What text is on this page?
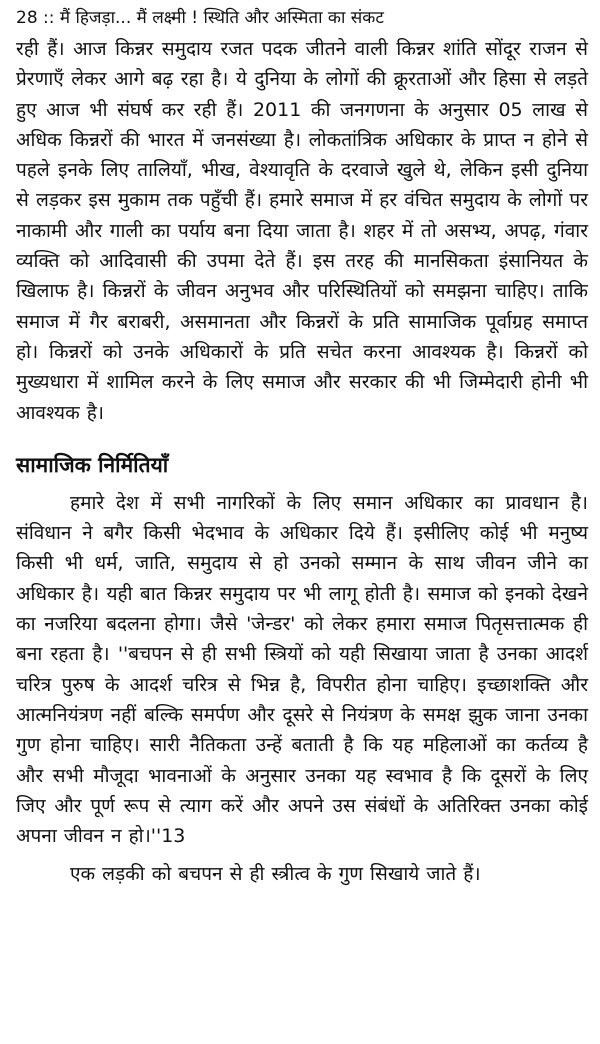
28 :: मैं हिजड़ा... मैं लक्ष्मी ! स्थिति और अस्मिता का संकट

रही हैं। आज किन्नर समुदाय रजत पदक जीतने वाली किन्नर शांति सोंदूर राजन से प्रेरणाएँ लेकर आगे बढ़ रहा है। ये दुनिया के लोगों की क्रूरताओं और हिसा से लड़ते हुए आज भी संघर्ष कर रही हैं। 2011 की जनगणना के अनुसार 05 लाख से अधिक किन्नरों की भारत में जनसंख्या है। लोकतांत्रिक अधिकार के प्राप्त न होने से पहले इनके लिए तालियाँ, भीख, वेश्यावृति के दरवाजे खुले थे, लेकिन इसी दुनिया से लड़कर इस मुकाम तक पहुँची हैं। हमारे समाज में हर वंचित समुदाय के लोगों पर नाकामी और गाली का पर्याय बना दिया जाता है। शहर में तो असभ्य, अपढ़, गंवार व्यक्ति को आदिवासी की उपमा देते हैं। इस तरह की मानसिकता इंसानियत के खिलाफ है। किन्नरों के जीवन अनुभव और परिस्थितियों को समझना चाहिए। ताकि समाज में गैर बराबरी, असमानता और किन्नरों के प्रति सामाजिक पूर्वाग्रह समाप्त हो। किन्नरों को उनके अधिकारों के प्रति सचेत करना आवश्यक है। किन्नरों को मुख्यधारा में शामिल करने के लिए समाज और सरकार की भी जिम्मेदारी होनी भी आवश्यक है।

सामाजिक निर्मितियाँ

हमारे देश में सभी नागरिकों के लिए समान अधिकार का प्रावधान है। संविधान ने बगैर किसी भेदभाव के अधिकार दिये हैं। इसीलिए कोई भी मनुष्य किसी भी धर्म, जाति, समुदाय से हो उनको सम्मान के साथ जीवन जीने का अधिकार है। यही बात किन्नर समुदाय पर भी लागू होती है। समाज को इनको देखने का नजरिया बदलना होगा। जैसे 'जेन्डर' को लेकर हमारा समाज पितृसत्तात्मक ही बना रहता है। ''बचपन से ही सभी स्त्रियों को यही सिखाया जाता है उनका आदर्श चरित्र पुरुष के आदर्श चरित्र से भिन्न है, विपरीत होना चाहिए। इच्छाशक्ति और आत्मनियंत्रण नहीं बल्कि समर्पण और दूसरे से नियंत्रण के समक्ष झुक जाना उनका गुण होना चाहिए। सारी नैतिकता उन्हें बताती है कि यह महिलाओं का कर्तव्य है और सभी मौजूदा भावनाओं के अनुसार उनका यह स्वभाव है कि दूसरों के लिए जिए और पूर्ण रूप से त्याग करें और अपने उस संबंधों के अतिरिक्त उनका कोई अपना जीवन न हो।''13

एक लड़की को बचपन से ही स्त्रीत्व के गुण सिखाये जाते हैं।
